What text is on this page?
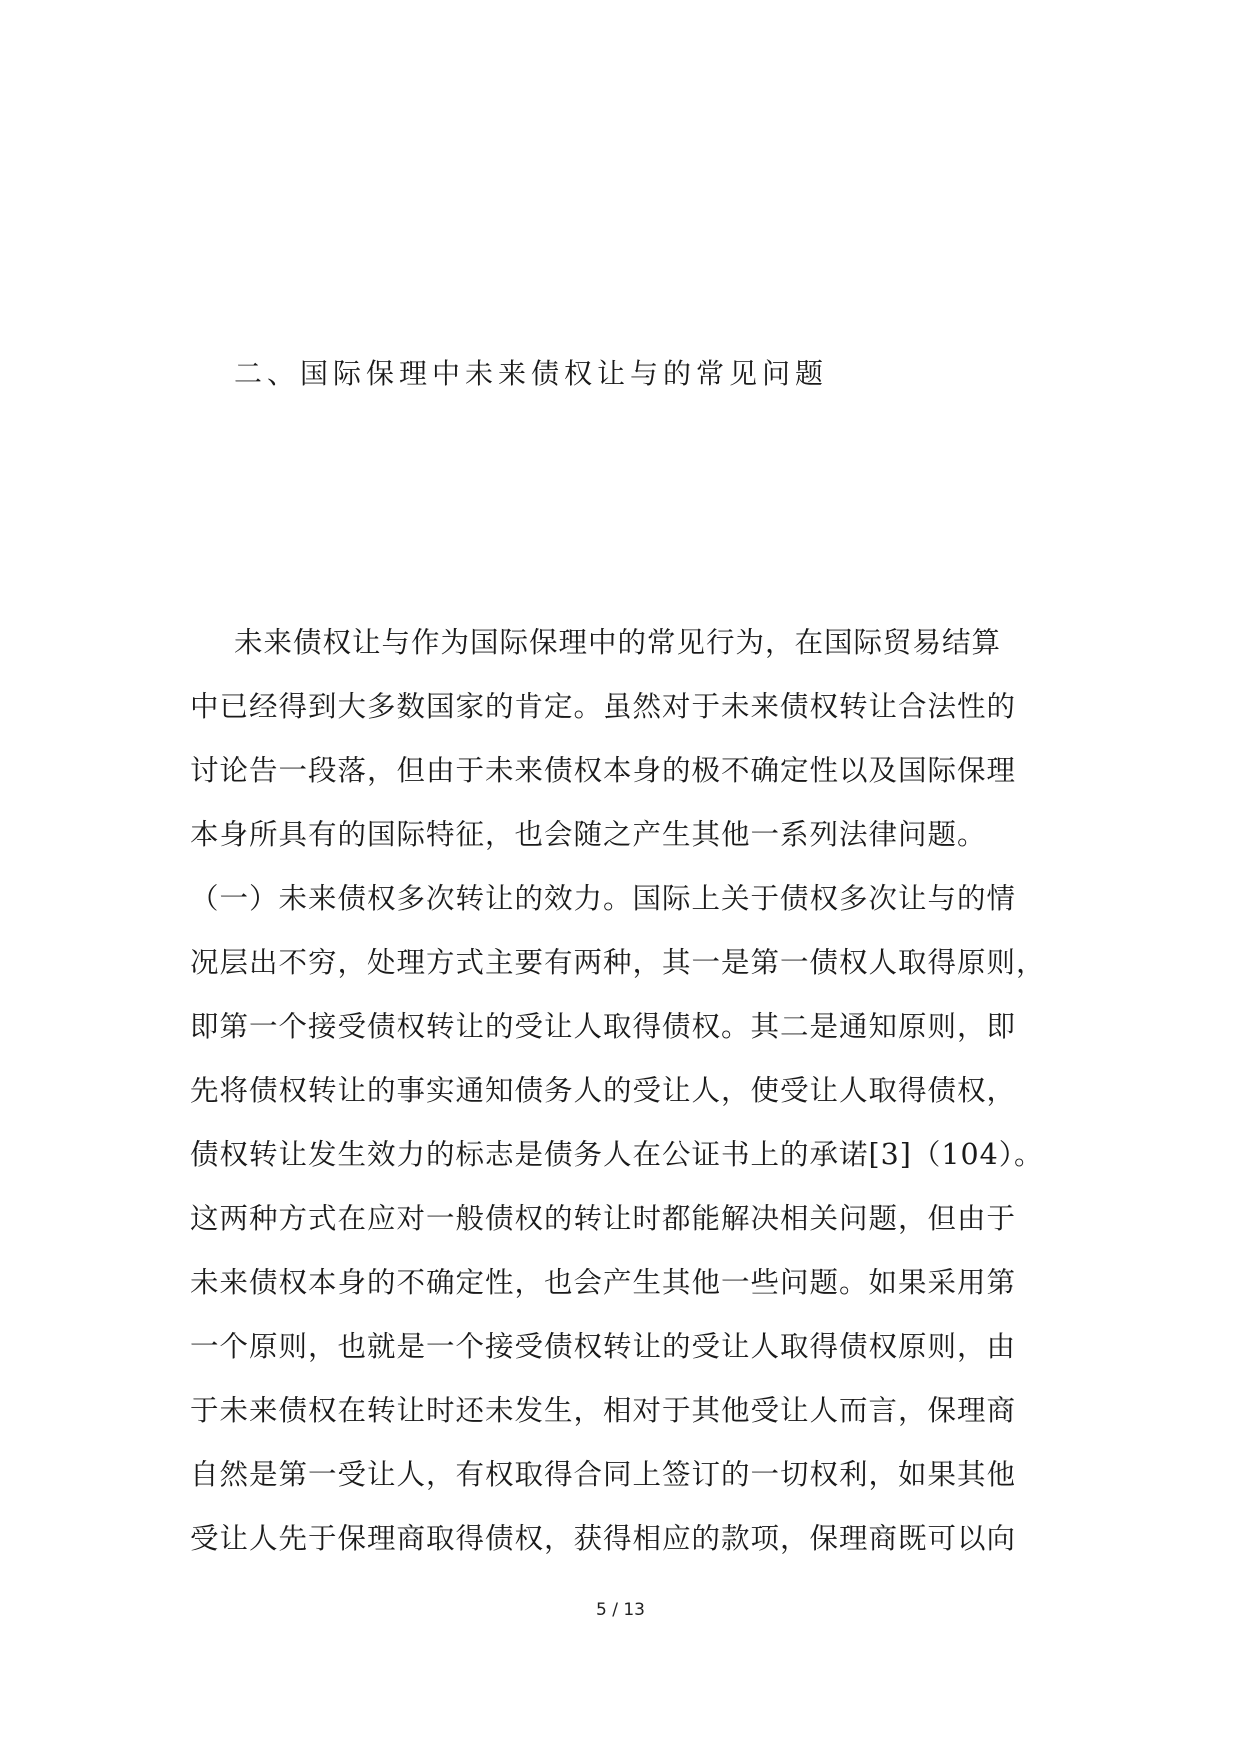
二、国际保理中未来债权让与的常见问题
未来债权让与作为国际保理中的常见行为，在国际贸易结算
中已经得到大多数国家的肯定。虽然对于未来债权转让合法性的
讨论告一段落，但由于未来债权本身的极不确定性以及国际保理
本身所具有的国际特征，也会随之产生其他一系列法律问题。
（一）未来债权多次转让的效力。国际上关于债权多次让与的情
况层出不穷，处理方式主要有两种，其一是第一债权人取得原则，
即第一个接受债权转让的受让人取得债权。其二是通知原则，即
先将债权转让的事实通知债务人的受让人，使受让人取得债权，
债权转让发生效力的标志是债务人在公证书上的承诺[3]（104）。
这两种方式在应对一般债权的转让时都能解决相关问题，但由于
未来债权本身的不确定性，也会产生其他一些问题。如果采用第
一个原则，也就是一个接受债权转让的受让人取得债权原则，由
于未来债权在转让时还未发生，相对于其他受让人而言，保理商
自然是第一受让人，有权取得合同上签订的一切权利，如果其他
受让人先于保理商取得债权，获得相应的款项，保理商既可以向
5 / 13
